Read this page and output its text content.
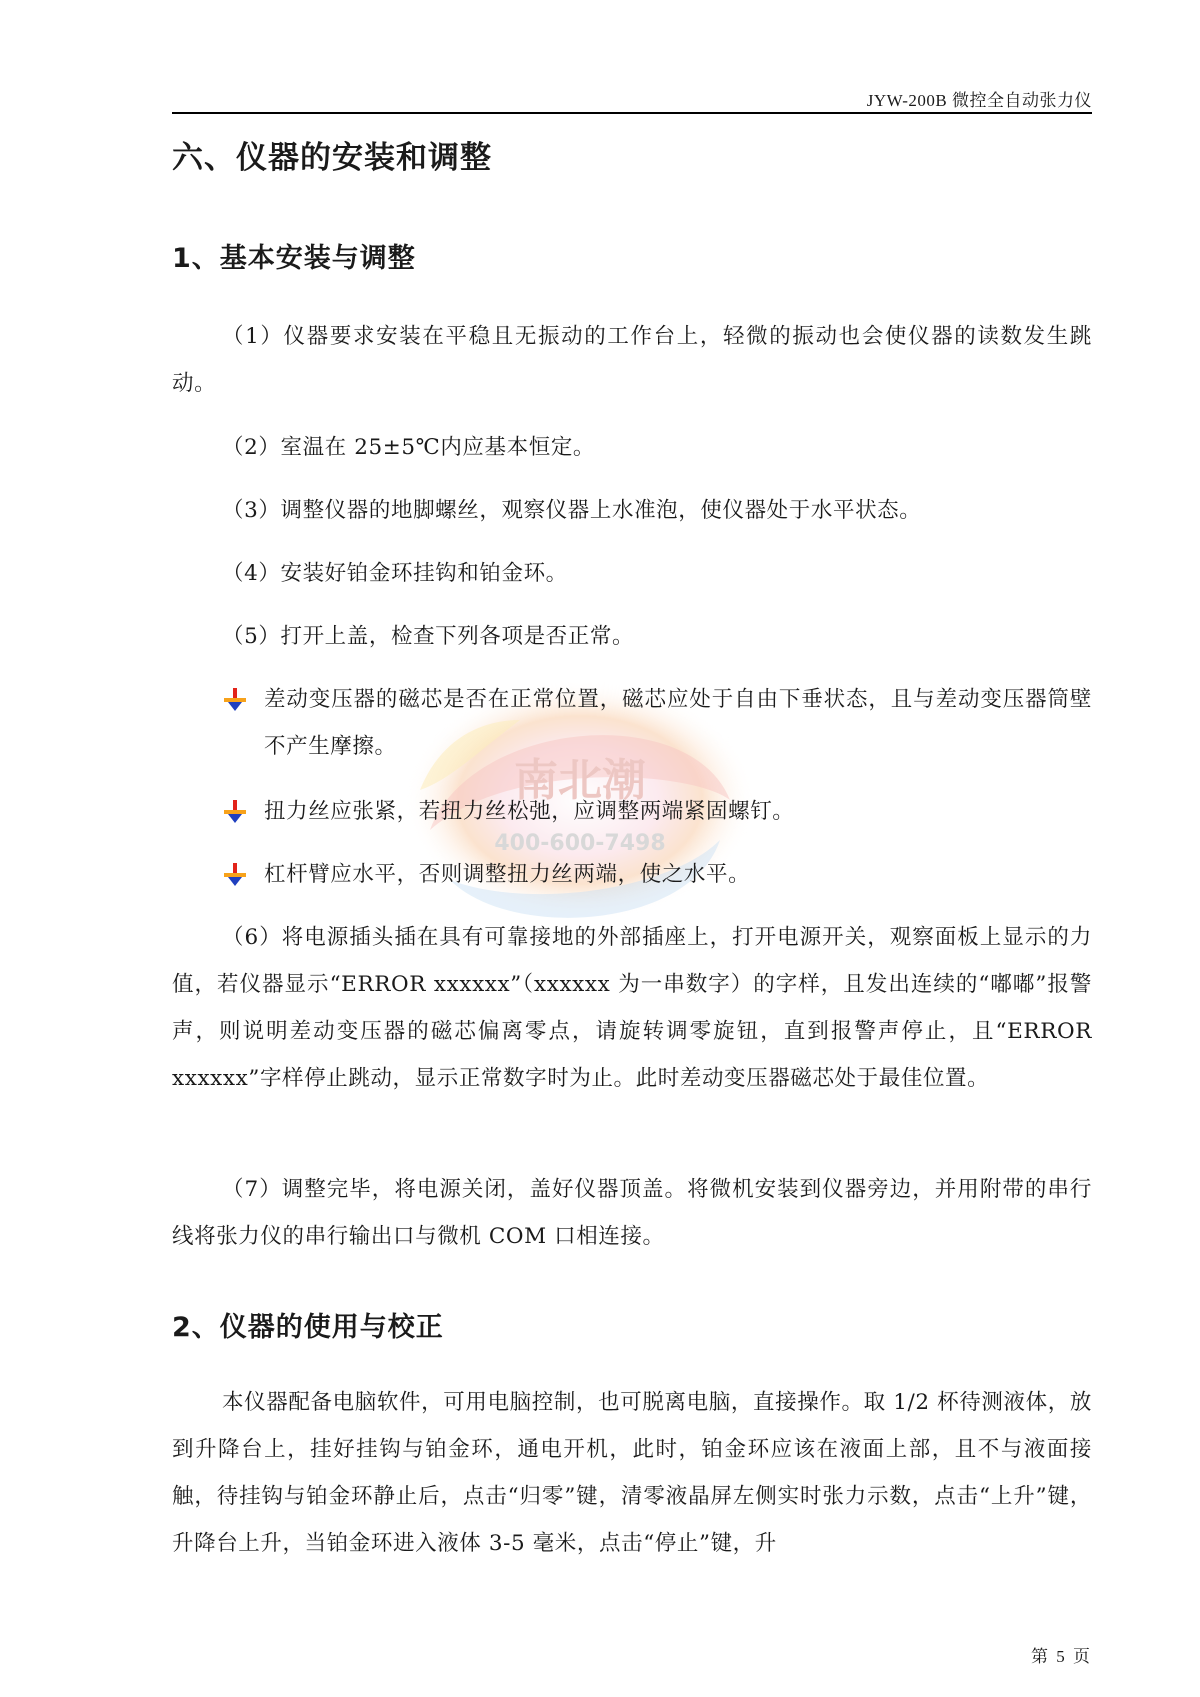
JYW-200B 微控全自动张力仪
南北潮
400-600-7498
六、仪器的安装和调整
1、基本安装与调整
（1）仪器要求安装在平稳且无振动的工作台上，轻微的振动也会使仪器的读数发生跳动。
（2）室温在 25±5℃内应基本恒定。
（3）调整仪器的地脚螺丝，观察仪器上水准泡，使仪器处于水平状态。
（4）安装好铂金环挂钩和铂金环。
（5）打开上盖，检查下列各项是否正常。
差动变压器的磁芯是否在正常位置，磁芯应处于自由下垂状态，且与差动变压器筒壁不产生摩擦。
扭力丝应张紧，若扭力丝松弛，应调整两端紧固螺钉。
杠杆臂应水平，否则调整扭力丝两端，使之水平。
（6）将电源插头插在具有可靠接地的外部插座上，打开电源开关，观察面板上显示的力值，若仪器显示“ERROR xxxxxx”（xxxxxx 为一串数字）的字样，且发出连续的“嘟嘟”报警声，则说明差动变压器的磁芯偏离零点，请旋转调零旋钮，直到报警声停止，且“ERROR xxxxxx”字样停止跳动，显示正常数字时为止。此时差动变压器磁芯处于最佳位置。
（7）调整完毕，将电源关闭，盖好仪器顶盖。将微机安装到仪器旁边，并用附带的串行线将张力仪的串行输出口与微机 COM 口相连接。
2、仪器的使用与校正
本仪器配备电脑软件，可用电脑控制，也可脱离电脑，直接操作。取 1/2 杯待测液体，放到升降台上，挂好挂钩与铂金环，通电开机，此时，铂金环应该在液面上部，且不与液面接触，待挂钩与铂金环静止后，点击“归零”键，清零液晶屏左侧实时张力示数，点击“上升”键，升降台上升，当铂金环进入液体 3-5 毫米，点击“停止”键，升
第 5 页
